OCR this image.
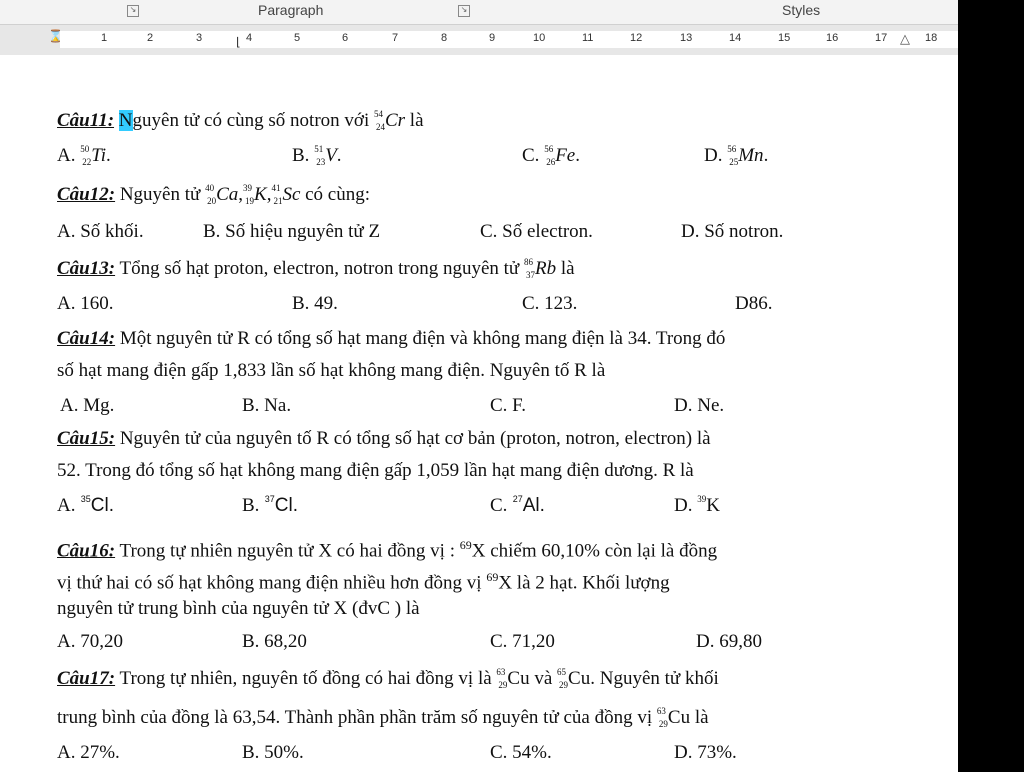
↘	Paragraph	↘	Styles
⌛	⌊	△
1	2	3	4	5	6	7	8	9	10	11	12	13	14	15	16	17	18
Câu11: Nguyên tử có cùng số notron với $^{54}_{24}$Cr là
A. $^{50}_{22}$Ti.	B. $^{51}_{23}$V.	C. $^{56}_{26}$Fe.	D. $^{56}_{25}$Mn.
Câu12: Nguyên tử $^{40}_{20}$Ca,$^{39}_{19}$K,$^{41}_{21}$Sc có cùng:
A. Số khối.	B. Số hiệu nguyên tử Z	C. Số electron.	D. Số notron.
Câu13: Tổng số hạt proton, electron, notron trong nguyên tử $^{86}_{37}$Rb là
A. 160.	B. 49.	C. 123.	D86.
Câu14: Một nguyên tử R có tổng số hạt mang điện và không mang điện là 34. Trong đó
số hạt mang điện gấp 1,833 lần số hạt không mang điện. Nguyên tố R là
A. Mg.	B. Na.	C. F.	D. Ne.
Câu15: Nguyên tử của nguyên tố R có tổng số hạt cơ bản (proton, notron, electron) là
52. Trong đó tổng số hạt không mang điện gấp 1,059 lần hạt mang điện dương. R là
A. $^{35}$Cl.	B. $^{37}$Cl.	C. $^{27}$Al.	D. $^{39}$K
Câu16: Trong tự nhiên nguyên tử X có hai đồng vị : $^{69}$X chiếm 60,10% còn lại là đồng
vị thứ hai có số hạt không mang điện nhiều hơn đồng vị $^{69}$X là 2 hạt. Khối lượng
nguyên tử trung bình của nguyên tử X (đvC ) là
A. 70,20	B. 68,20	C. 71,20	D. 69,80
Câu17: Trong tự nhiên, nguyên tố đồng có hai đồng vị là $^{63}_{29}$Cu và $^{65}_{29}$Cu. Nguyên tử khối
trung bình của đồng là 63,54. Thành phần phần trăm số nguyên tử của đồng vị $^{63}_{29}$Cu là
A. 27%.	B. 50%.	C. 54%.	D. 73%.
